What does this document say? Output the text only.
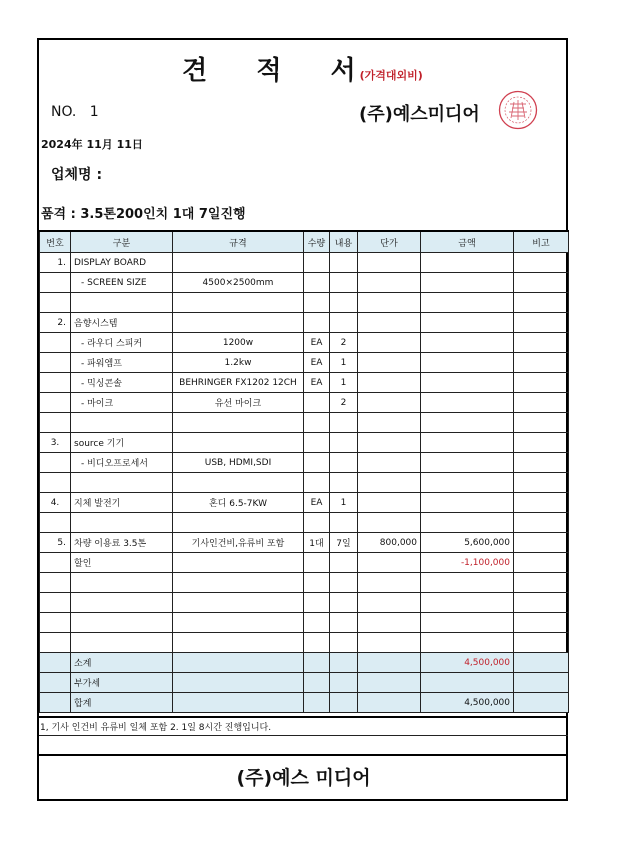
견 적 서(가격대외비)
NO. 1	(주)예스미디어
2024年 11月 11日
업체명 :
품격 : 3.5톤200인치 1대 7일진행
번호	구분	규격	수량	내용	단가	금액	비고
1.	DISPLAY BOARD						
	- SCREEN SIZE	4500×2500mm					

2.	음향시스템						
	- 라우디 스피커	1200w	EA	2			
	- 파워엠프	1.2kw	EA	1			
	- 믹싱콘솔	BEHRINGER FX1202 12CH	EA	1			
	- 마이크	유선 마이크		2			

3.	source 기기						
	- 비디오프로세서	USB, HDMI,SDI					

4.	지체 발전기	혼디 6.5-7KW	EA	1			

5.	차량 이용료 3.5톤	기사인건비,유류비 포함	1대	7일	800,000	5,600,000	
	할인					-1,100,000	

	소계					4,500,000	
	부가세						
	합계					4,500,000	
1, 기사 인건비 유류비 일체 포함 2. 1일 8시간 진행입니다.
(주)예스 미디어
